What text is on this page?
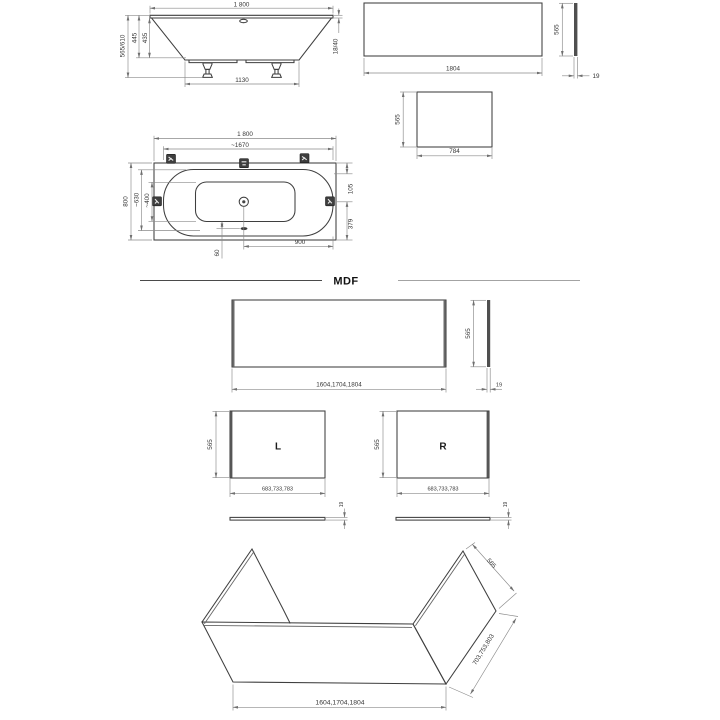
1 800
565/610 445 435
18/40
1130
1804
565
19
565
784
1 800
~1670
800 ~630 ~400
105
379
900
60
MDF
1604,1704,1804
565
19
L
565
683,733,783
R
565
683,733,783
19	19
565
703,753,803
1604,1704,1804
